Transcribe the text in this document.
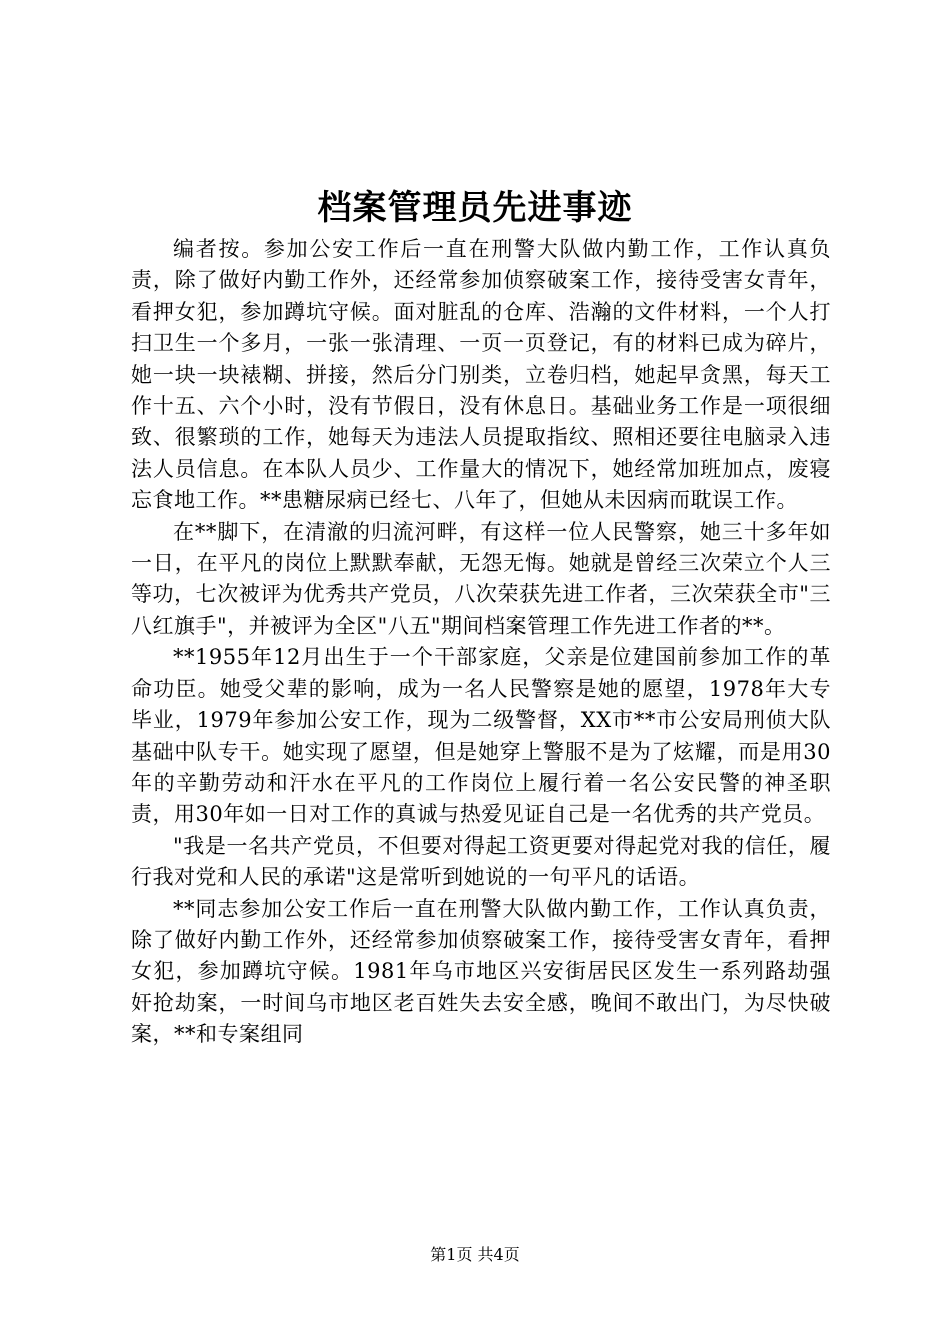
档案管理员先进事迹

编者按。参加公安工作后一直在刑警大队做内勤工作，工作认真负责，除了做好内勤工作外，还经常参加侦察破案工作，接待受害女青年，看押女犯，参加蹲坑守候。面对脏乱的仓库、浩瀚的文件材料，一个人打扫卫生一个多月，一张一张清理、一页一页登记，有的材料已成为碎片，她一块一块裱糊、拼接，然后分门别类，立卷归档，她起早贪黑，每天工作十五、六个小时，没有节假日，没有休息日。基础业务工作是一项很细致、很繁琐的工作，她每天为违法人员提取指纹、照相还要往电脑录入违法人员信息。在本队人员少、工作量大的情况下，她经常加班加点，废寝忘食地工作。**患糖尿病已经七、八年了，但她从未因病而耽误工作。

在**脚下，在清澈的归流河畔，有这样一位人民警察，她三十多年如一日，在平凡的岗位上默默奉献，无怨无悔。她就是曾经三次荣立个人三等功，七次被评为优秀共产党员，八次荣获先进工作者，三次荣获全市"三八红旗手"，并被评为全区"八五"期间档案管理工作先进工作者的**。

**1955年12月出生于一个干部家庭，父亲是位建国前参加工作的革命功臣。她受父辈的影响，成为一名人民警察是她的愿望，1978年大专毕业，1979年参加公安工作，现为二级警督，XX市**市公安局刑侦大队基础中队专干。她实现了愿望，但是她穿上警服不是为了炫耀，而是用30年的辛勤劳动和汗水在平凡的工作岗位上履行着一名公安民警的神圣职责，用30年如一日对工作的真诚与热爱见证自己是一名优秀的共产党员。

"我是一名共产党员，不但要对得起工资更要对得起党对我的信任，履行我对党和人民的承诺"这是常听到她说的一句平凡的话语。

**同志参加公安工作后一直在刑警大队做内勤工作，工作认真负责，除了做好内勤工作外，还经常参加侦察破案工作，接待受害女青年，看押女犯，参加蹲坑守候。1981年乌市地区兴安街居民区发生一系列路劫强奸抢劫案，一时间乌市地区老百姓失去安全感，晚间不敢出门，为尽快破案，**和专案组同

第1页 共4页
